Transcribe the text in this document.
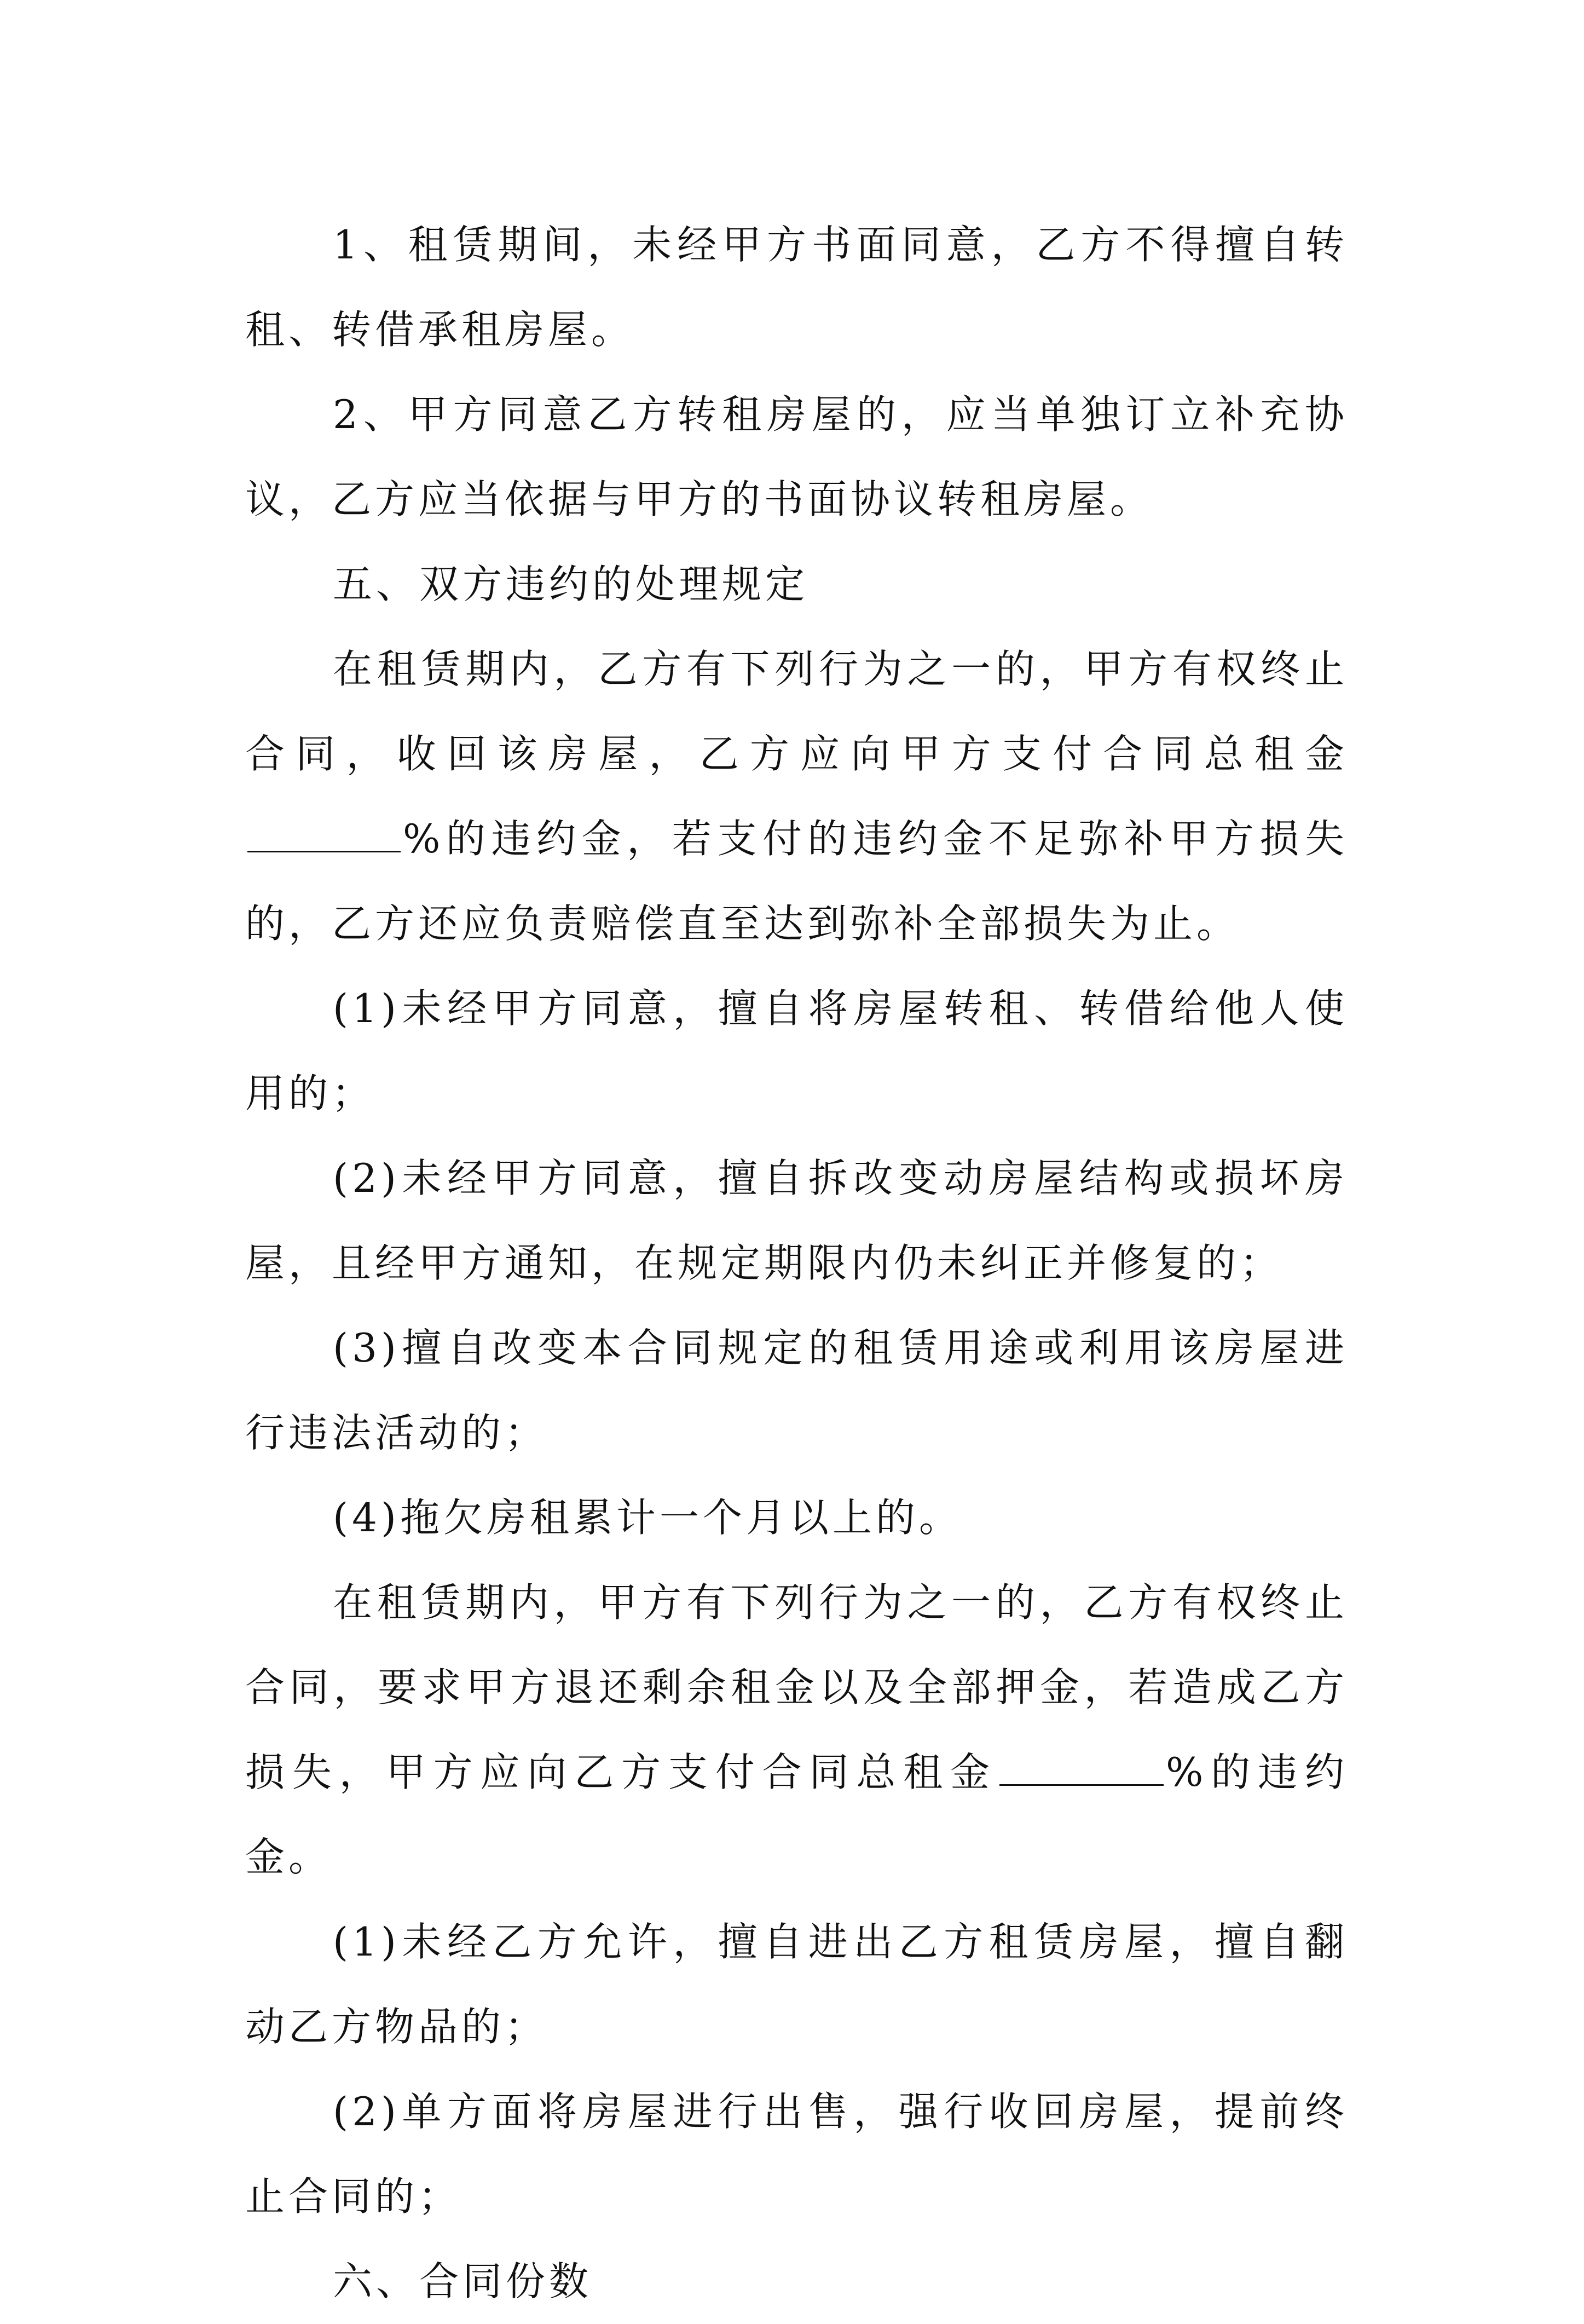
1、租赁期间，未经甲方书面同意，乙方不得擅自转租、转借承租房屋。

2、甲方同意乙方转租房屋的，应当单独订立补充协议，乙方应当依据与甲方的书面协议转租房屋。

五、双方违约的处理规定

在租赁期内，乙方有下列行为之一的，甲方有权终止合同，收回该房屋，乙方应向甲方支付合同总租金%的违约金，若支付的违约金不足弥补甲方损失的，乙方还应负责赔偿直至达到弥补全部损失为止。

(1)未经甲方同意，擅自将房屋转租、转借给他人使用的；

(2)未经甲方同意，擅自拆改变动房屋结构或损坏房屋，且经甲方通知，在规定期限内仍未纠正并修复的；

(3)擅自改变本合同规定的租赁用途或利用该房屋进行违法活动的；

(4)拖欠房租累计一个月以上的。

在租赁期内，甲方有下列行为之一的，乙方有权终止合同，要求甲方退还剩余租金以及全部押金，若造成乙方损失，甲方应向乙方支付合同总租金	%的违约金。

(1)未经乙方允许，擅自进出乙方租赁房屋，擅自翻动乙方物品的；

(2)单方面将房屋进行出售，强行收回房屋，提前终止合同的；

六、合同份数
